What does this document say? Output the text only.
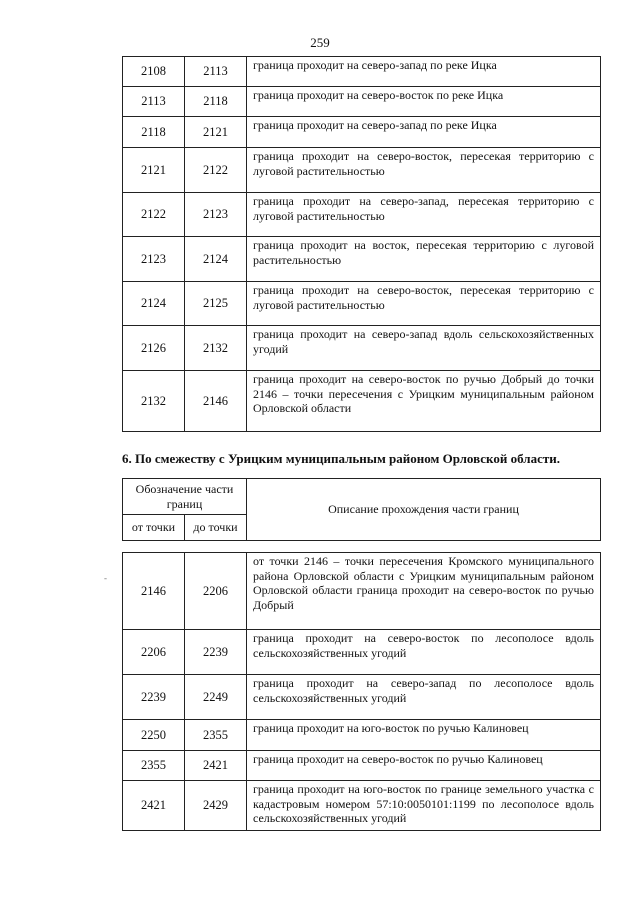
259
2108	2113	граница проходит на северо-запад по реке Ицка
2113	2118	граница проходит на северо-восток по реке Ицка
2118	2121	граница проходит на северо-запад по реке Ицка
2121	2122	граница проходит на северо-восток, пересекая территорию с луговой растительностью
2122	2123	граница проходит на северо-запад, пересекая территорию с луговой растительностью
2123	2124	граница проходит на восток, пересекая территорию с луговой растительностью
2124	2125	граница проходит на северо-восток, пересекая территорию с луговой растительностью
2126	2132	граница проходит на северо-запад вдоль сельскохозяйственных угодий
2132	2146	граница проходит на северо-восток по ручью Добрый до точки 2146 – точки пересечения с Урицким муниципальным районом Орловской области
6. По смежеству с Урицким муниципальным районом Орловской области.
Обозначение части границ		Описание прохождения части границ
от точки	до точки	
-
2146	2206	от точки 2146 – точки пересечения Кромского муниципального района Орловской области с Урицким муниципальным районом Орловской области граница проходит на северо-восток по ручью Добрый
2206	2239	граница проходит на северо-восток по лесополосе вдоль сельскохозяйственных угодий
2239	2249	граница проходит на северо-запад по лесополосе вдоль сельскохозяйственных угодий
2250	2355	граница проходит на юго-восток по ручью Калиновец
2355	2421	граница проходит на северо-восток по ручью Калиновец
2421	2429	граница проходит на юго-восток по границе земельного участка с кадастровым номером 57:10:0050101:1199 по лесополосе вдоль сельскохозяйственных угодий
